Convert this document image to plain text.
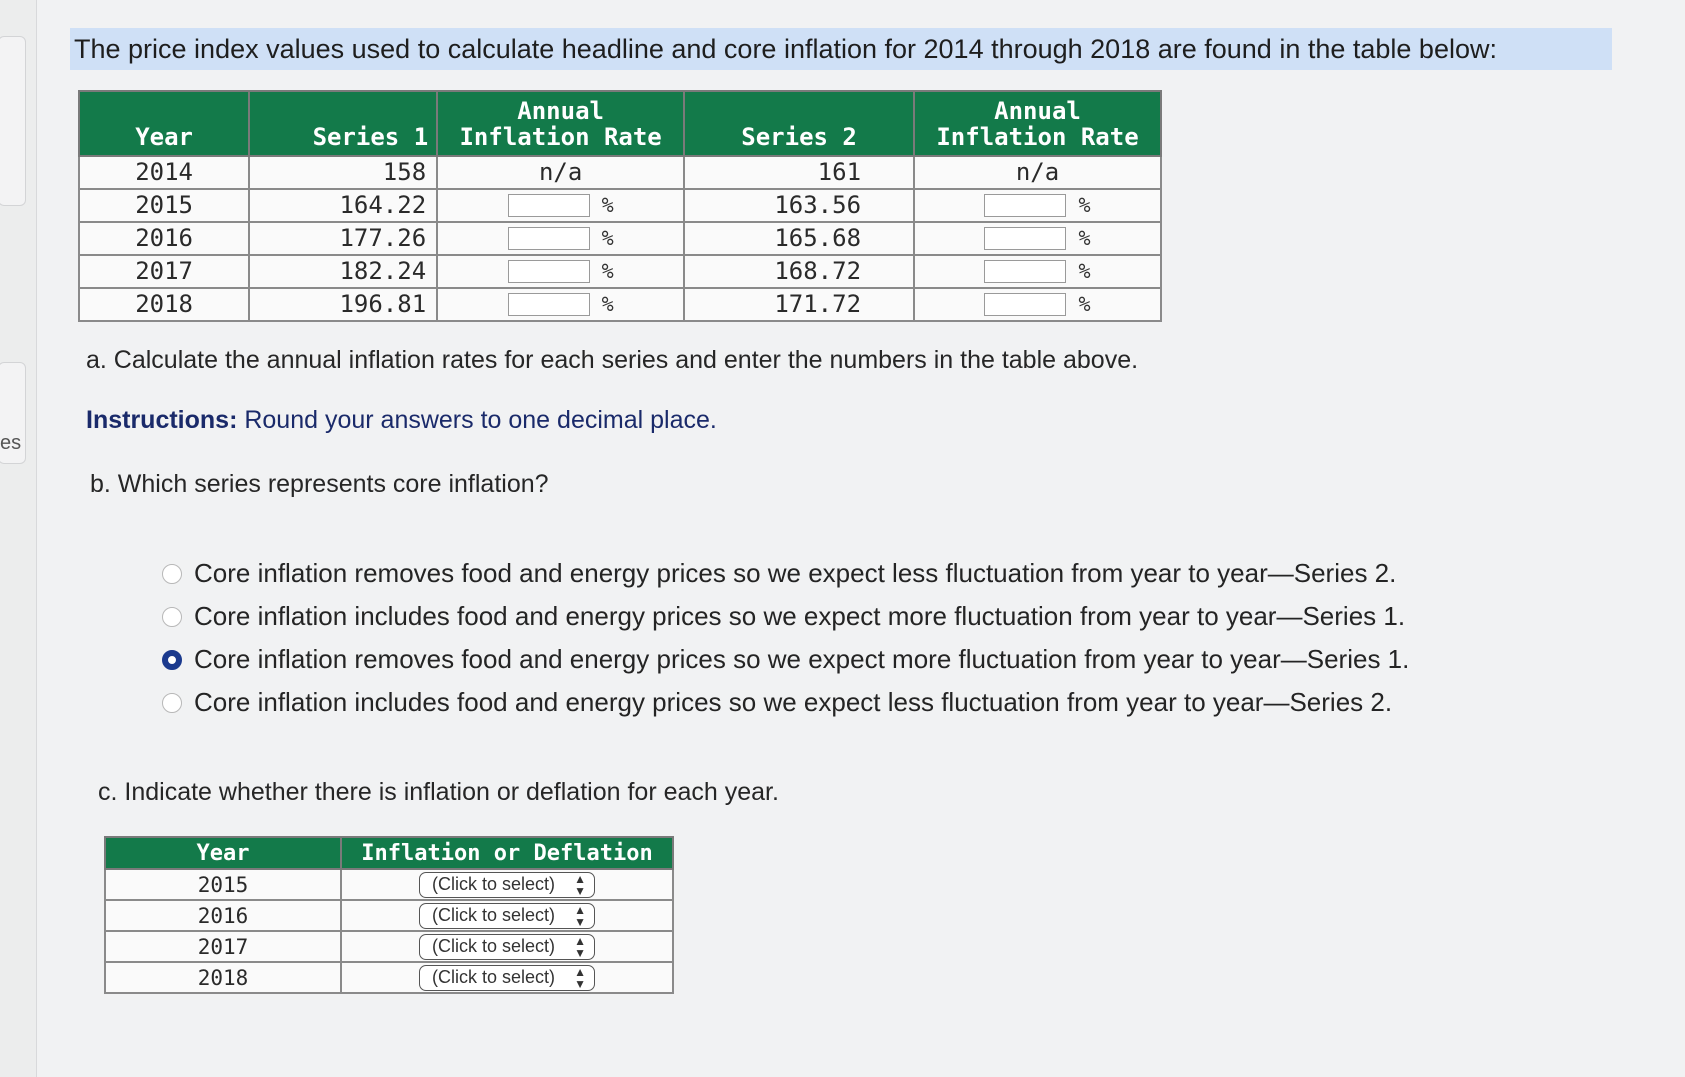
es
The price index values used to calculate headline and core inflation for 2014 through 2018 are found in the table below:
Year	Series 1	Annual Inflation Rate	Series 2	Annual Inflation Rate
2014	158	n/a	161	n/a
2015	164.22	%	163.56	%

2016	177.26	%	165.68	%

2017	182.24	%	168.72	%

2018	196.81	%	171.72	%
a. Calculate the annual inflation rates for each series and enter the numbers in the table above.
Instructions: Round your answers to one decimal place.
b. Which series represents core inflation?
Core inflation removes food and energy prices so we expect less fluctuation from year to year—Series 2.
Core inflation includes food and energy prices so we expect more fluctuation from year to year—Series 1.
Core inflation removes food and energy prices so we expect more fluctuation from year to year—Series 1.
Core inflation includes food and energy prices so we expect less fluctuation from year to year—Series 2.
c. Indicate whether there is inflation or deflation for each year.
Year	Inflation or Deflation
2015	(Click to select) ▲
▼

2016	(Click to select) ▲
▼

2017	(Click to select) ▲
▼

2018	(Click to select) ▲
▼
